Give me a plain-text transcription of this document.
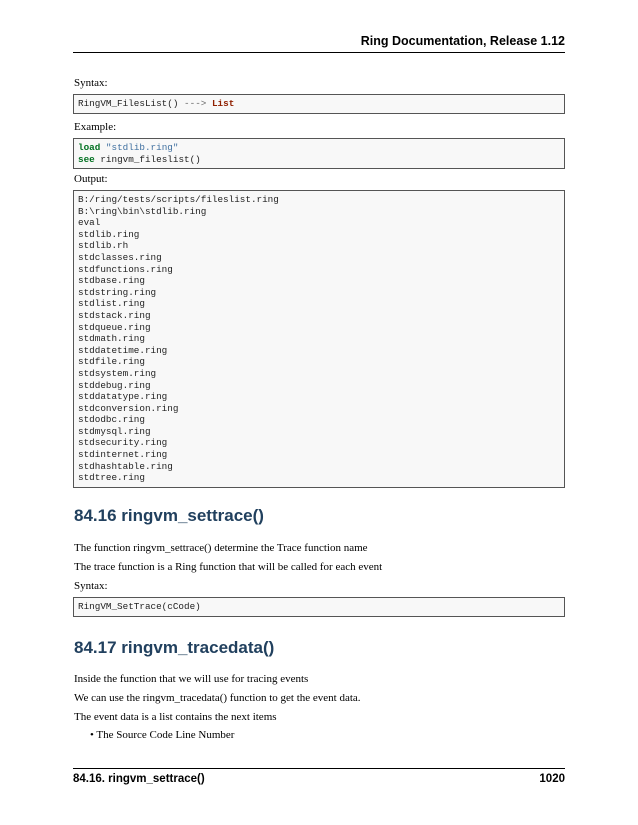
Ring Documentation, Release 1.12
Syntax:
RingVM_FilesList() ---> List
Example:
load "stdlib.ring"
see ringvm_fileslist()
Output:
B:/ring/tests/scripts/fileslist.ring
B:\ring\bin\stdlib.ring
eval
stdlib.ring
stdlib.rh
stdclasses.ring
stdfunctions.ring
stdbase.ring
stdstring.ring
stdlist.ring
stdstack.ring
stdqueue.ring
stdmath.ring
stddatetime.ring
stdfile.ring
stdsystem.ring
stddebug.ring
stddatatype.ring
stdconversion.ring
stdodbc.ring
stdmysql.ring
stdsecurity.ring
stdinternet.ring
stdhashtable.ring
stdtree.ring
84.16 ringvm_settrace()
The function ringvm_settrace() determine the Trace function name
The trace function is a Ring function that will be called for each event
Syntax:
RingVM_SetTrace(cCode)
84.17 ringvm_tracedata()
Inside the function that we will use for tracing events
We can use the ringvm_tracedata() function to get the event data.
The event data is a list contains the next items
• The Source Code Line Number
84.16. ringvm_settrace()	1020
